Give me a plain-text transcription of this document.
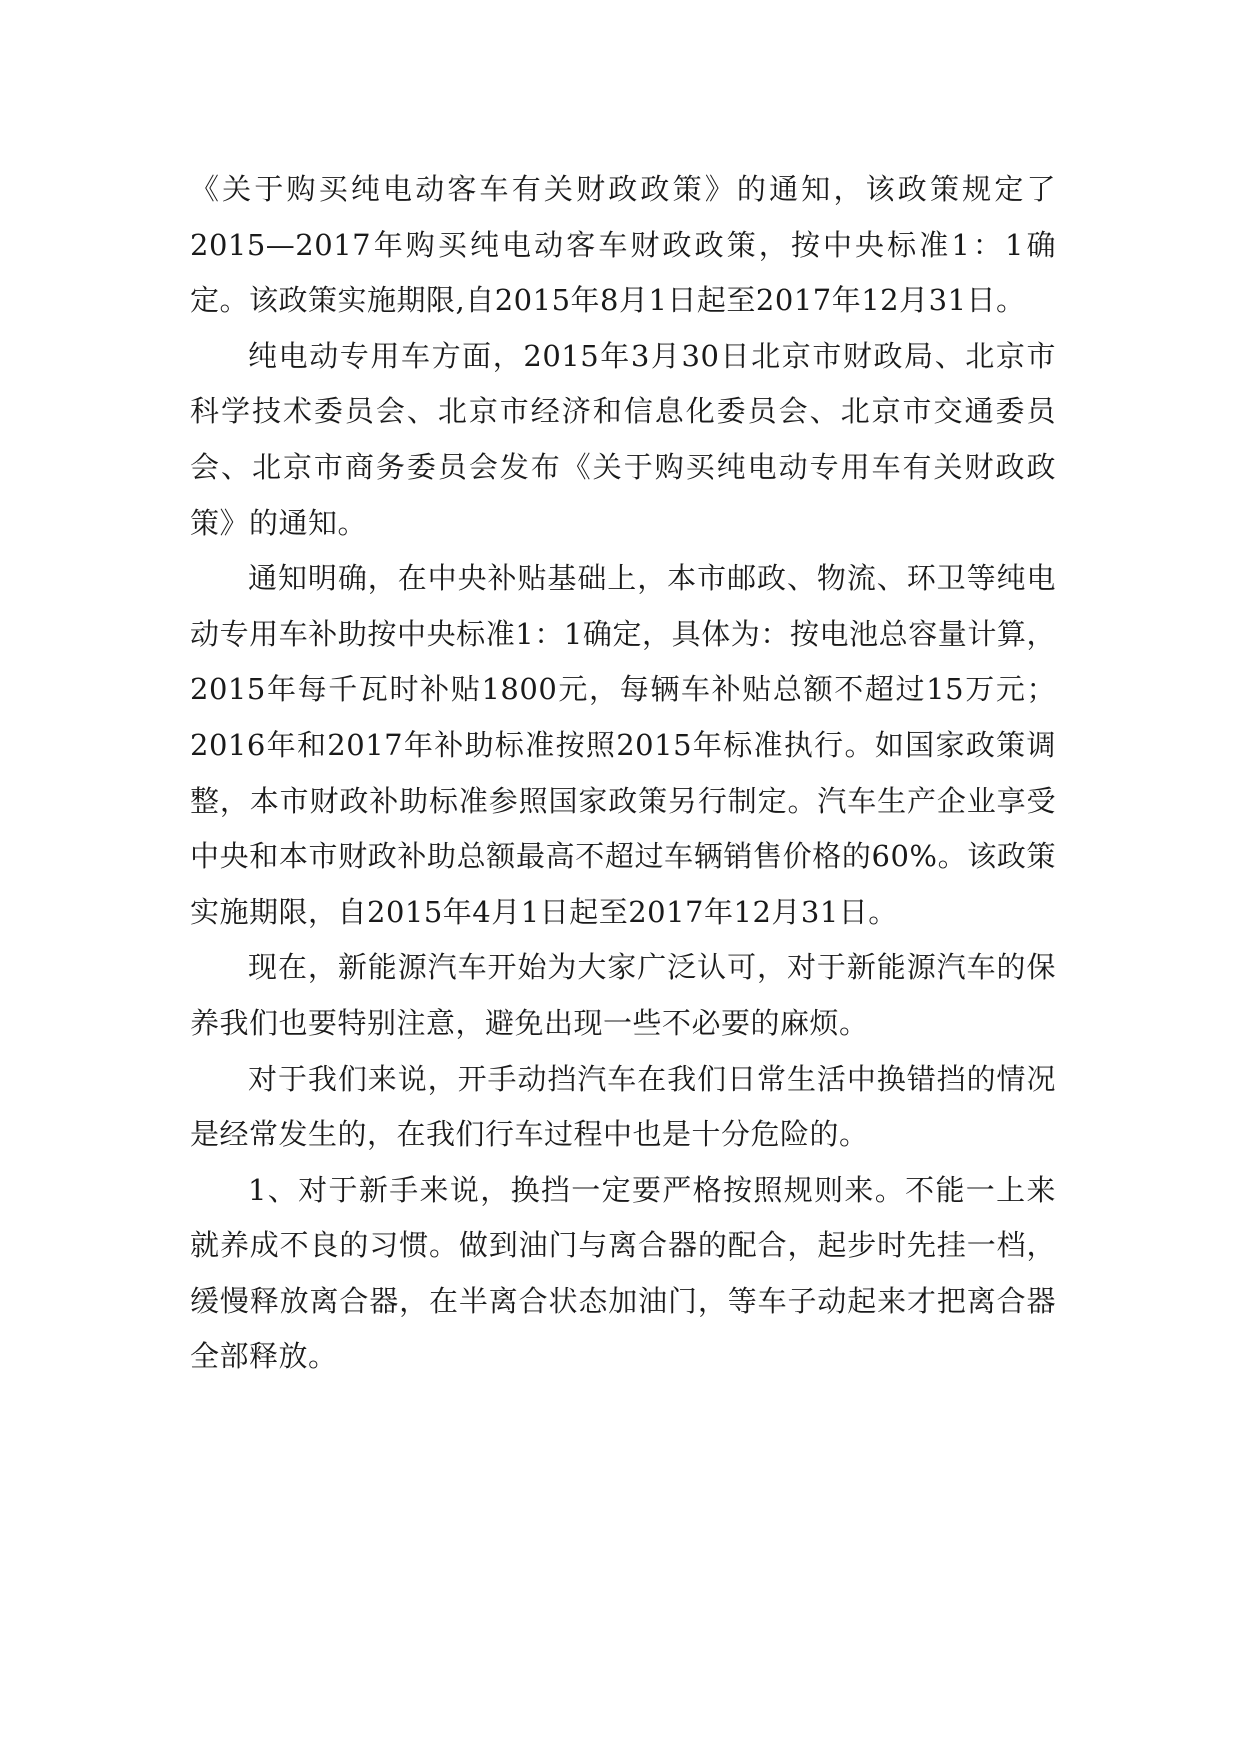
《关于购买纯电动客车有关财政政策》的通知，该政策规定了2015—2017年购买纯电动客车财政政策，按中央标准1：1确定。该政策实施期限,自2015年8月1日起至2017年12月31日。

纯电动专用车方面，2015年3月30日北京市财政局、北京市科学技术委员会、北京市经济和信息化委员会、北京市交通委员会、北京市商务委员会发布《关于购买纯电动专用车有关财政政策》的通知。

通知明确，在中央补贴基础上，本市邮政、物流、环卫等纯电动专用车补助按中央标准1：1确定，具体为：按电池总容量计算，2015年每千瓦时补贴1800元，每辆车补贴总额不超过15万元；2016年和2017年补助标准按照2015年标准执行。如国家政策调整，本市财政补助标准参照国家政策另行制定。汽车生产企业享受中央和本市财政补助总额最高不超过车辆销售价格的60%。该政策实施期限，自2015年4月1日起至2017年12月31日。

现在，新能源汽车开始为大家广泛认可，对于新能源汽车的保养我们也要特别注意，避免出现一些不必要的麻烦。

对于我们来说，开手动挡汽车在我们日常生活中换错挡的情况是经常发生的，在我们行车过程中也是十分危险的。

1、对于新手来说，换挡一定要严格按照规则来。不能一上来就养成不良的习惯。做到油门与离合器的配合，起步时先挂一档，缓慢释放离合器，在半离合状态加油门，等车子动起来才把离合器全部释放。
